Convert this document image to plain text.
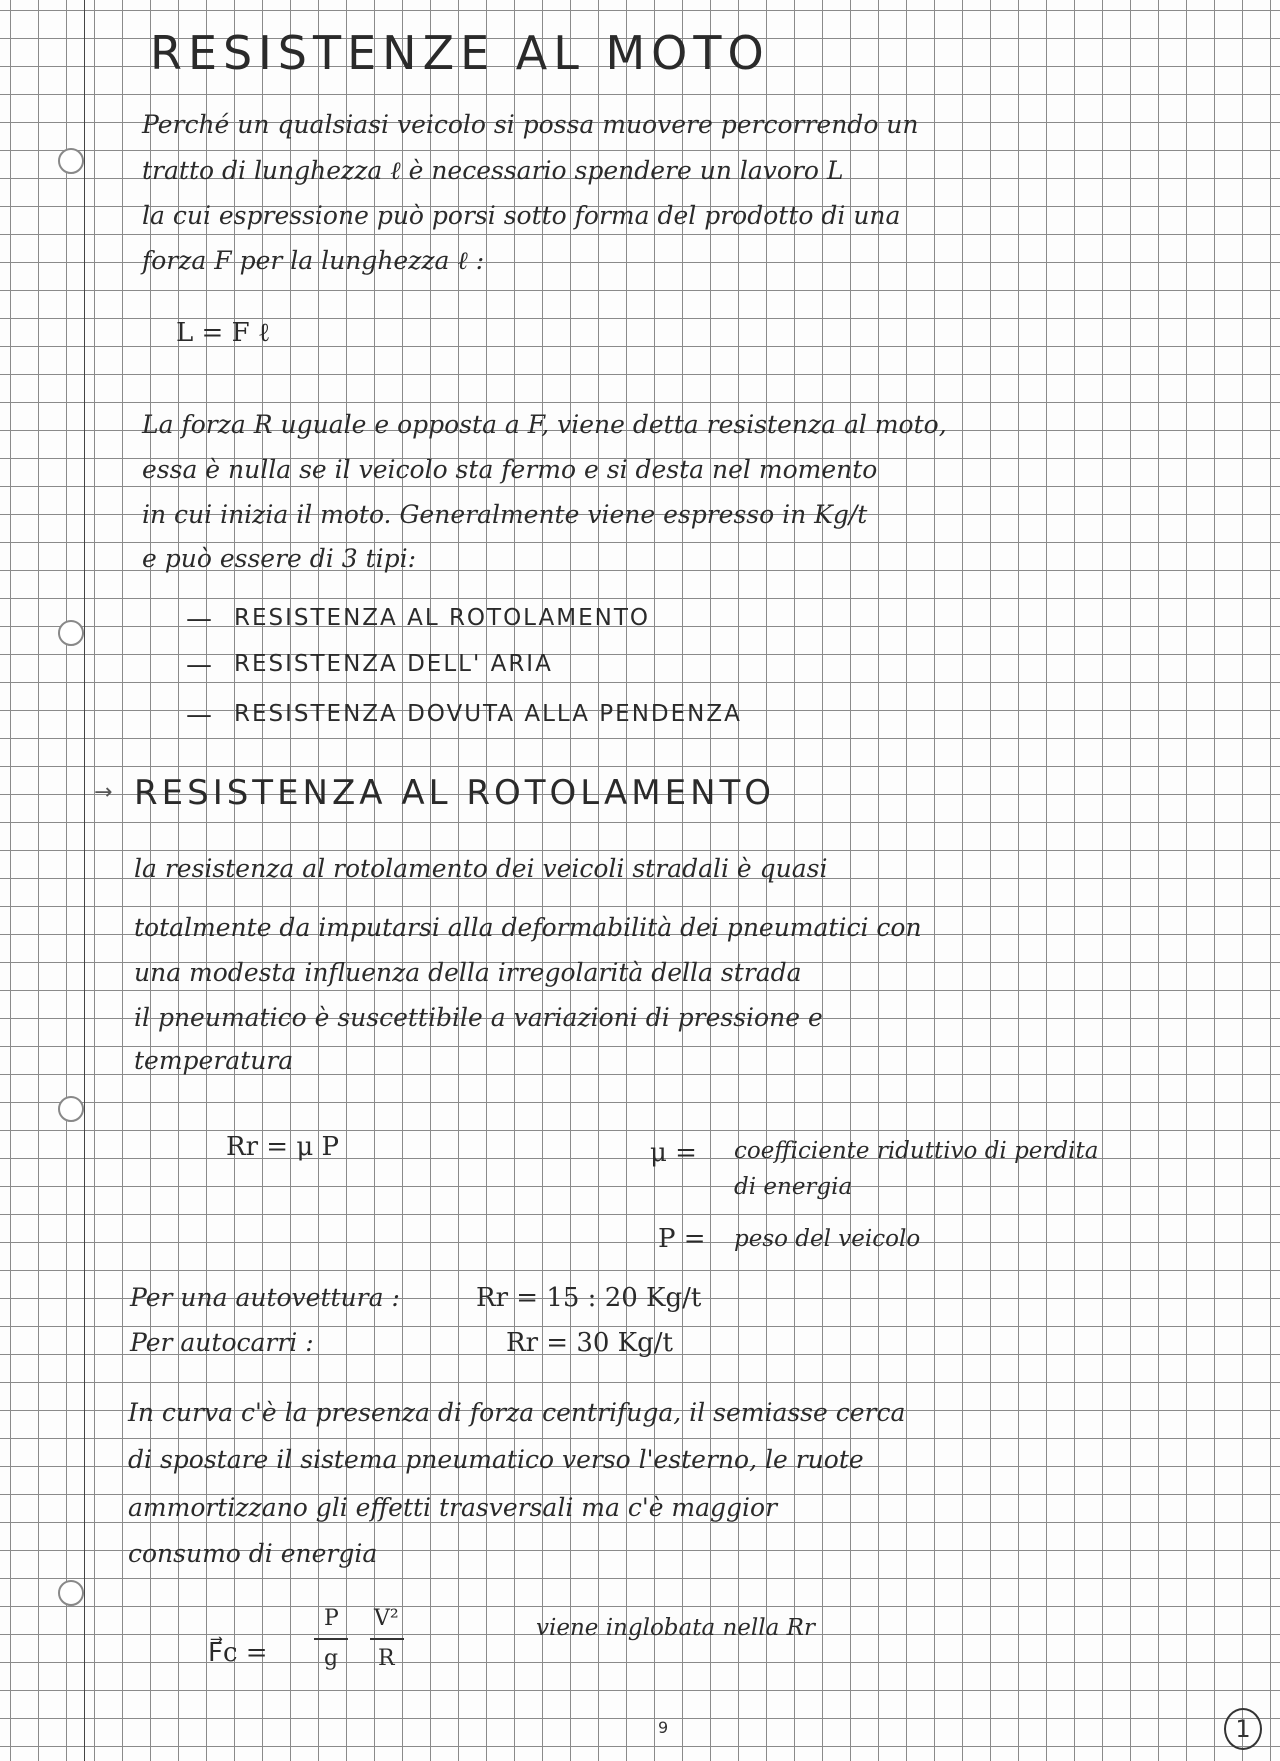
RESISTENZE AL MOTO
Perché un qualsiasi veicolo si possa muovere percorrendo un
tratto di lunghezza ℓ è necessario spendere un lavoro L
la cui espressione può porsi sotto forma del prodotto di una
forza F per la lunghezza ℓ :
L = F ℓ
La forza R uguale e opposta a F, viene detta resistenza al moto,
essa è nulla se il veicolo sta fermo e si desta nel momento
in cui inizia il moto. Generalmente viene espresso in Kg/t
e può essere di 3 tipi:
— RESISTENZA AL ROTOLAMENTO
— RESISTENZA DELL' ARIA
— RESISTENZA DOVUTA ALLA PENDENZA
→ RESISTENZA AL ROTOLAMENTO
la resistenza al rotolamento dei veicoli stradali è quasi
totalmente da imputarsi alla deformabilità dei pneumatici con
una modesta influenza della irregolarità della strada
il pneumatico è suscettibile a variazioni di pressione e
temperatura
Rr = μ P	μ = coefficiente riduttivo di perdita
di energia
P = peso del veicolo
Per una autovettura :	Rr = 15 : 20 Kg/t
Per autocarri :	Rr = 30 Kg/t
In curva c'è la presenza di forza centrifuga, il semiasse cerca
di spostare il sistema pneumatico verso l'esterno, le ruote
ammortizzano gli effetti trasversali ma c'è maggior
consumo di energia
F⃗c =
P
g
V²
R
viene inglobata nella Rr
9	1
